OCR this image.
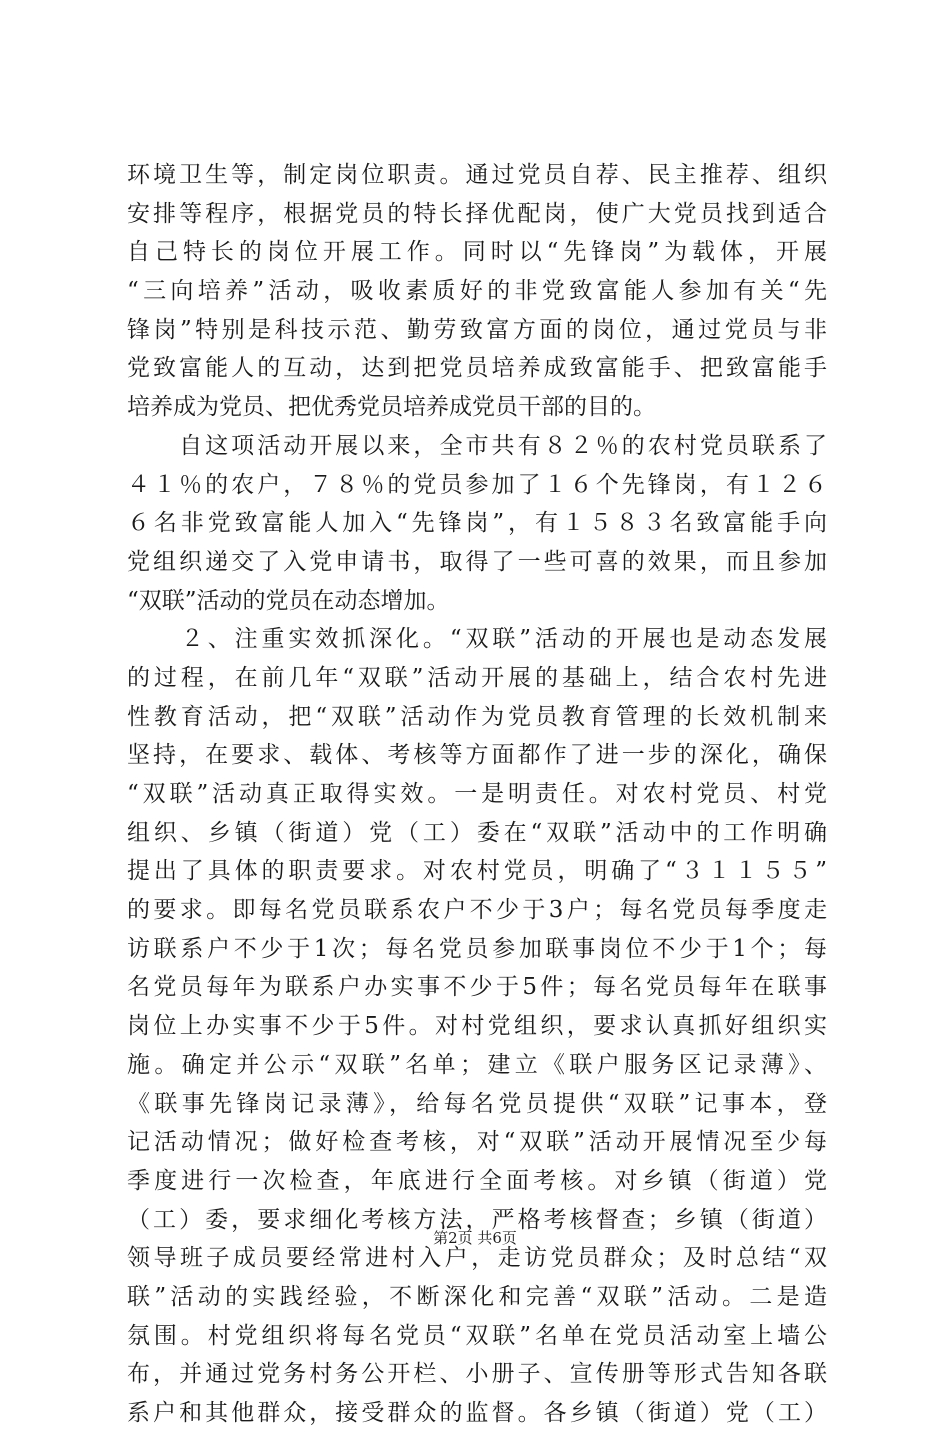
环境卫生等，制定岗位职责。通过党员自荐、民主推荐、组织
安排等程序，根据党员的特长择优配岗，使广大党员找到适合
自己特长的岗位开展工作。同时以“先锋岗”为载体，开展
“三向培养”活动，吸收素质好的非党致富能人参加有关“先
锋岗”特别是科技示范、勤劳致富方面的岗位，通过党员与非
党致富能人的互动，达到把党员培养成致富能手、把致富能手
培养成为党员、把优秀党员培养成党员干部的目的。
　　自这项活动开展以来，全市共有８２％的农村党员联系了
４１％的农户，７８％的党员参加了１６个先锋岗，有１２６
６名非党致富能人加入“先锋岗”，有１５８３名致富能手向
党组织递交了入党申请书，取得了一些可喜的效果，而且参加
“双联”活动的党员在动态增加。
　　２、注重实效抓深化。“双联”活动的开展也是动态发展
的过程，在前几年“双联”活动开展的基础上，结合农村先进
性教育活动，把“双联”活动作为党员教育管理的长效机制来
坚持，在要求、载体、考核等方面都作了进一步的深化，确保
“双联”活动真正取得实效。一是明责任。对农村党员、村党
组织、乡镇（街道）党（工）委在“双联”活动中的工作明确
提出了具体的职责要求。对农村党员，明确了“３１１５５”
的要求。即每名党员联系农户不少于3户；每名党员每季度走
访联系户不少于1次；每名党员参加联事岗位不少于1个；每
名党员每年为联系户办实事不少于5件；每名党员每年在联事
岗位上办实事不少于5件。对村党组织，要求认真抓好组织实
施。确定并公示“双联”名单；建立《联户服务区记录薄》、
《联事先锋岗记录薄》，给每名党员提供“双联”记事本，登
记活动情况；做好检查考核，对“双联”活动开展情况至少每
季度进行一次检查，年底进行全面考核。对乡镇（街道）党
（工）委，要求细化考核方法，严格考核督查；乡镇（街道）
领导班子成员要经常进村入户，走访党员群众；及时总结“双
联”活动的实践经验，不断深化和完善“双联”活动。二是造
氛围。村党组织将每名党员“双联”名单在党员活动室上墙公
布，并通过党务村务公开栏、小册子、宣传册等形式告知各联
系户和其他群众，接受群众的监督。各乡镇（街道）党（工）
第2页 共6页
